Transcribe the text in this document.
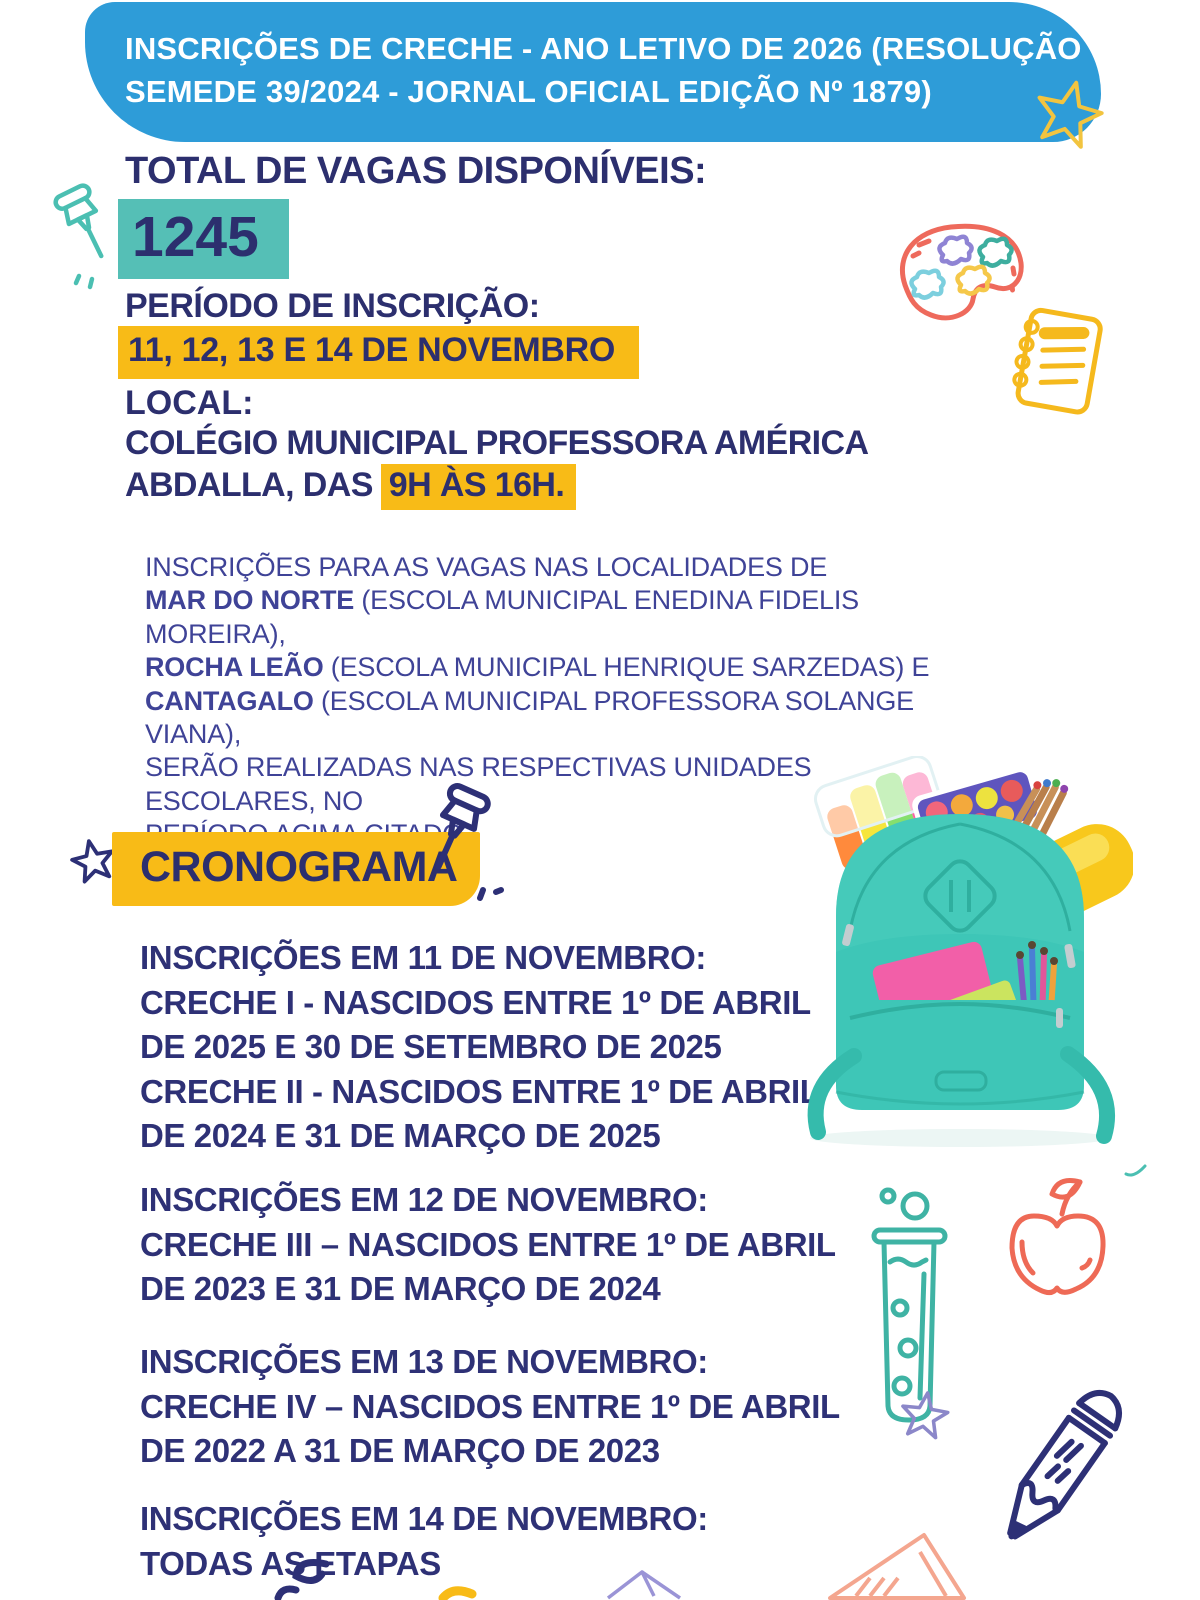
INSCRIÇÕES DE CRECHE - ANO LETIVO DE 2026 (RESOLUÇÃO
SEMEDE 39/2024 - JORNAL OFICIAL EDIÇÃO Nº 1879)
TOTAL DE VAGAS DISPONÍVEIS:
1245
PERÍODO DE INSCRIÇÃO:
11, 12, 13 E 14 DE NOVEMBRO
LOCAL:
COLÉGIO MUNICIPAL PROFESSORA AMÉRICA
ABDALLA, DAS 9H ÀS 16H.
INSCRIÇÕES PARA AS VAGAS NAS LOCALIDADES DE
MAR DO NORTE (ESCOLA MUNICIPAL ENEDINA FIDELIS MOREIRA),
ROCHA LEÃO (ESCOLA MUNICIPAL HENRIQUE SARZEDAS) E
CANTAGALO (ESCOLA MUNICIPAL PROFESSORA SOLANGE VIANA),
SERÃO REALIZADAS NAS RESPECTIVAS UNIDADES ESCOLARES, NO
CRONOGRAMA
INSCRIÇÕES EM 11 DE NOVEMBRO:
CRECHE I - NASCIDOS ENTRE 1º DE ABRIL
DE 2025 E 30 DE SETEMBRO DE 2025
CRECHE II - NASCIDOS ENTRE 1º DE ABRIL
DE 2024 E 31 DE MARÇO DE 2025
INSCRIÇÕES EM 12 DE NOVEMBRO:
CRECHE III – NASCIDOS ENTRE 1º DE ABRIL
DE 2023 E 31 DE MARÇO DE 2024
INSCRIÇÕES EM 13 DE NOVEMBRO:
CRECHE IV – NASCIDOS ENTRE 1º DE ABRIL
DE 2022 A 31 DE MARÇO DE 2023
INSCRIÇÕES EM 14 DE NOVEMBRO:
TODAS AS ETAPAS
